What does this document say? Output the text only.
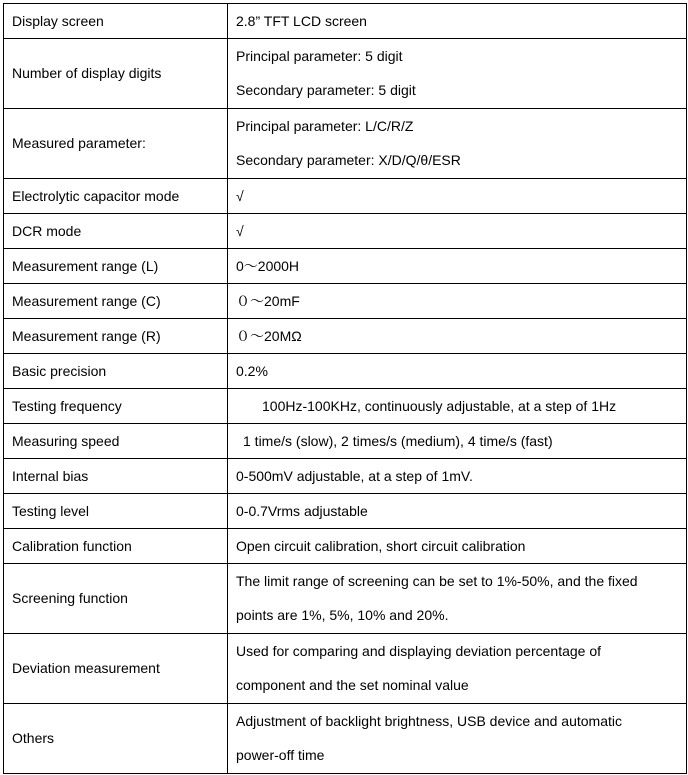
Display screen	2.8” TFT LCD screen

Number of display digits	Principal parameter: 5 digit
Secondary parameter: 5 digit

Measured parameter:	Principal parameter: L/C/R/Z
Secondary parameter: X/D/Q/θ/ESR

Electrolytic capacitor mode	√

DCR mode	√

Measurement range (L)	0～2000H

Measurement range (C)	０～20mF

Measurement range (R)	０～20MΩ

Basic precision	0.2%

Testing frequency	100Hz-100KHz, continuously adjustable, at a step of 1Hz

Measuring speed	1 time/s (slow), 2 times/s (medium), 4 time/s (fast)

Internal bias	0-500mV adjustable, at a step of 1mV.

Testing level	0-0.7Vrms adjustable

Calibration function	Open circuit calibration, short circuit calibration

Screening function	The limit range of screening can be set to 1%-50%, and the fixed
points are 1%, 5%, 10% and 20%.

Deviation measurement	Used for comparing and displaying deviation percentage of
component and the set nominal value

Others	Adjustment of backlight brightness, USB device and automatic
power-off time
